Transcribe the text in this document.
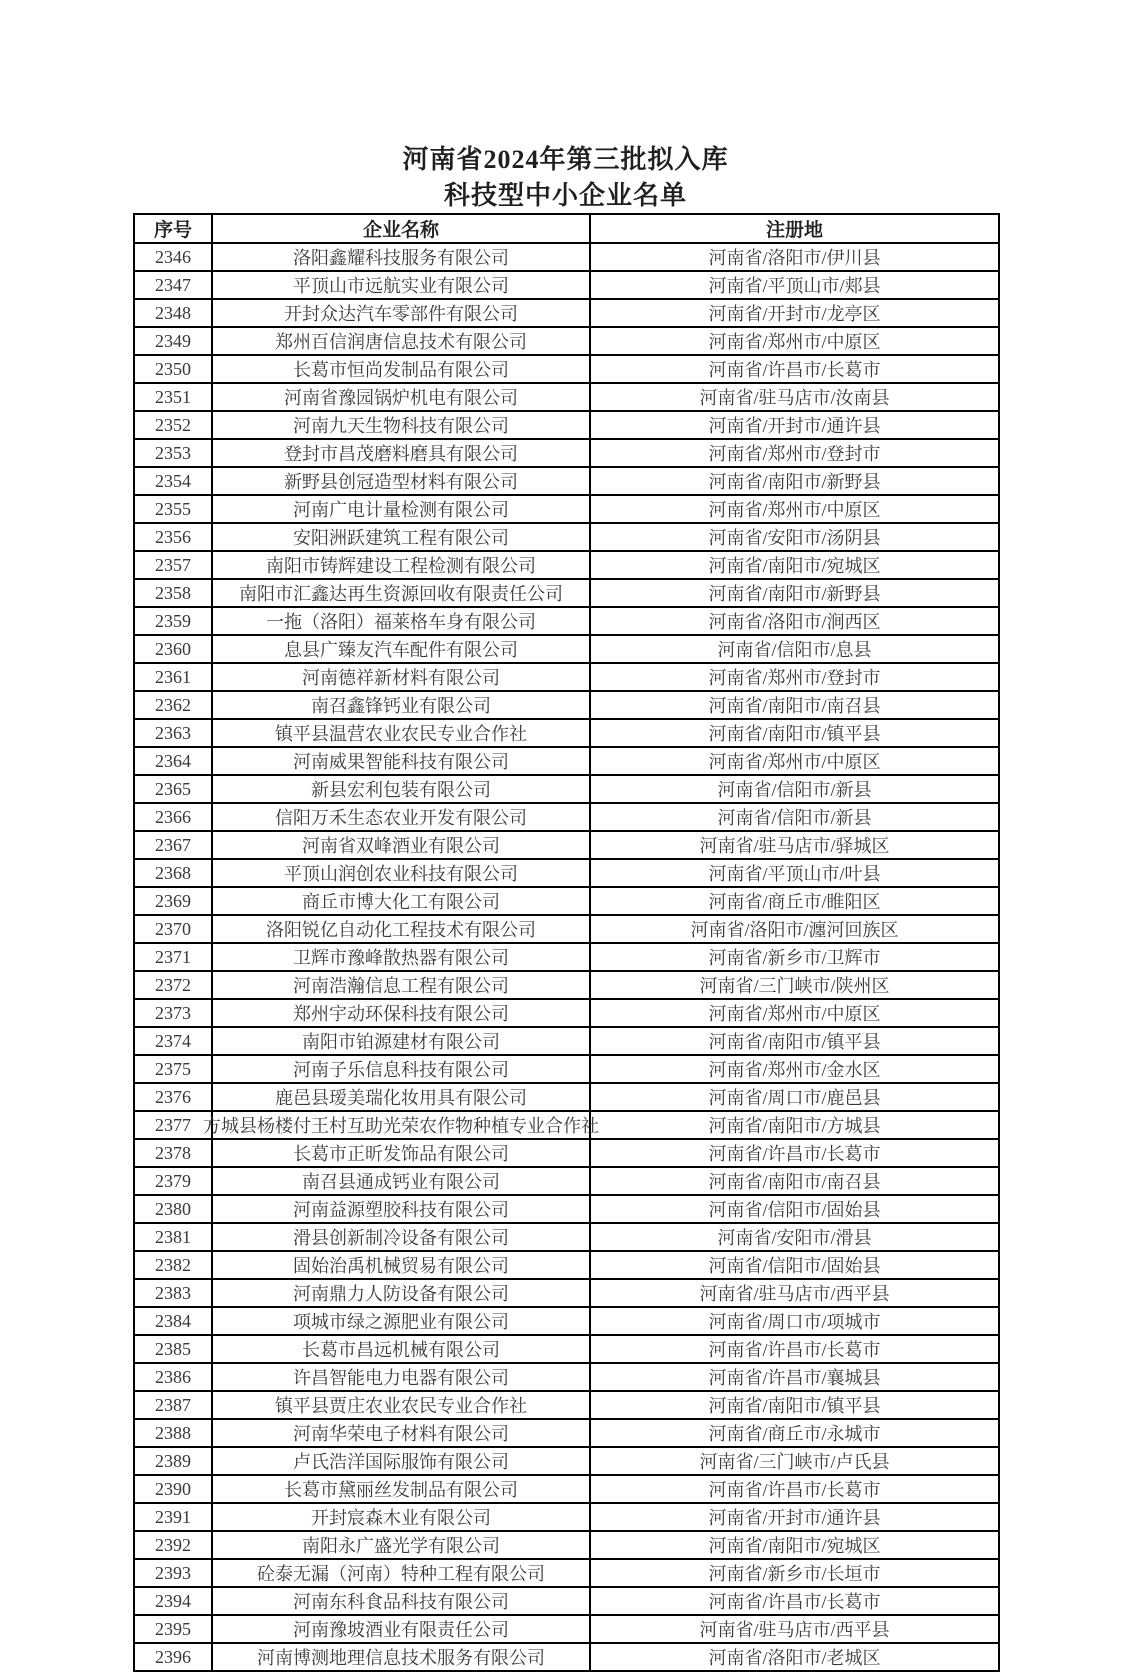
河南省2024年第三批拟入库
科技型中小企业名单
序号	企业名称	注册地
2346	洛阳鑫耀科技服务有限公司	河南省/洛阳市/伊川县
2347	平顶山市远航实业有限公司	河南省/平顶山市/郏县
2348	开封众达汽车零部件有限公司	河南省/开封市/龙亭区
2349	郑州百信润唐信息技术有限公司	河南省/郑州市/中原区
2350	长葛市恒尚发制品有限公司	河南省/许昌市/长葛市
2351	河南省豫园锅炉机电有限公司	河南省/驻马店市/汝南县
2352	河南九天生物科技有限公司	河南省/开封市/通许县
2353	登封市昌茂磨料磨具有限公司	河南省/郑州市/登封市
2354	新野县创冠造型材料有限公司	河南省/南阳市/新野县
2355	河南广电计量检测有限公司	河南省/郑州市/中原区
2356	安阳洲跃建筑工程有限公司	河南省/安阳市/汤阴县
2357	南阳市铸辉建设工程检测有限公司	河南省/南阳市/宛城区
2358	南阳市汇鑫达再生资源回收有限责任公司	河南省/南阳市/新野县
2359	一拖（洛阳）福莱格车身有限公司	河南省/洛阳市/涧西区
2360	息县广臻友汽车配件有限公司	河南省/信阳市/息县
2361	河南德祥新材料有限公司	河南省/郑州市/登封市
2362	南召鑫锋钙业有限公司	河南省/南阳市/南召县
2363	镇平县温营农业农民专业合作社	河南省/南阳市/镇平县
2364	河南威果智能科技有限公司	河南省/郑州市/中原区
2365	新县宏利包装有限公司	河南省/信阳市/新县
2366	信阳万禾生态农业开发有限公司	河南省/信阳市/新县
2367	河南省双峰酒业有限公司	河南省/驻马店市/驿城区
2368	平顶山润创农业科技有限公司	河南省/平顶山市/叶县
2369	商丘市博大化工有限公司	河南省/商丘市/睢阳区
2370	洛阳锐亿自动化工程技术有限公司	河南省/洛阳市/瀍河回族区
2371	卫辉市豫峰散热器有限公司	河南省/新乡市/卫辉市
2372	河南浩瀚信息工程有限公司	河南省/三门峡市/陕州区
2373	郑州宇动环保科技有限公司	河南省/郑州市/中原区
2374	南阳市铂源建材有限公司	河南省/南阳市/镇平县
2375	河南子乐信息科技有限公司	河南省/郑州市/金水区
2376	鹿邑县瑷美瑞化妆用具有限公司	河南省/周口市/鹿邑县
2377	方城县杨楼付王村互助光荣农作物种植专业合作社	河南省/南阳市/方城县
2378	长葛市正昕发饰品有限公司	河南省/许昌市/长葛市
2379	南召县通成钙业有限公司	河南省/南阳市/南召县
2380	河南益源塑胶科技有限公司	河南省/信阳市/固始县
2381	滑县创新制冷设备有限公司	河南省/安阳市/滑县
2382	固始治禹机械贸易有限公司	河南省/信阳市/固始县
2383	河南鼎力人防设备有限公司	河南省/驻马店市/西平县
2384	项城市绿之源肥业有限公司	河南省/周口市/项城市
2385	长葛市昌远机械有限公司	河南省/许昌市/长葛市
2386	许昌智能电力电器有限公司	河南省/许昌市/襄城县
2387	镇平县贾庄农业农民专业合作社	河南省/南阳市/镇平县
2388	河南华荣电子材料有限公司	河南省/商丘市/永城市
2389	卢氏浩洋国际服饰有限公司	河南省/三门峡市/卢氏县
2390	长葛市黛丽丝发制品有限公司	河南省/许昌市/长葛市
2391	开封宸森木业有限公司	河南省/开封市/通许县
2392	南阳永广盛光学有限公司	河南省/南阳市/宛城区
2393	砼泰无漏（河南）特种工程有限公司	河南省/新乡市/长垣市
2394	河南东科食品科技有限公司	河南省/许昌市/长葛市
2395	河南豫坡酒业有限责任公司	河南省/驻马店市/西平县
2396	河南博测地理信息技术服务有限公司	河南省/洛阳市/老城区
